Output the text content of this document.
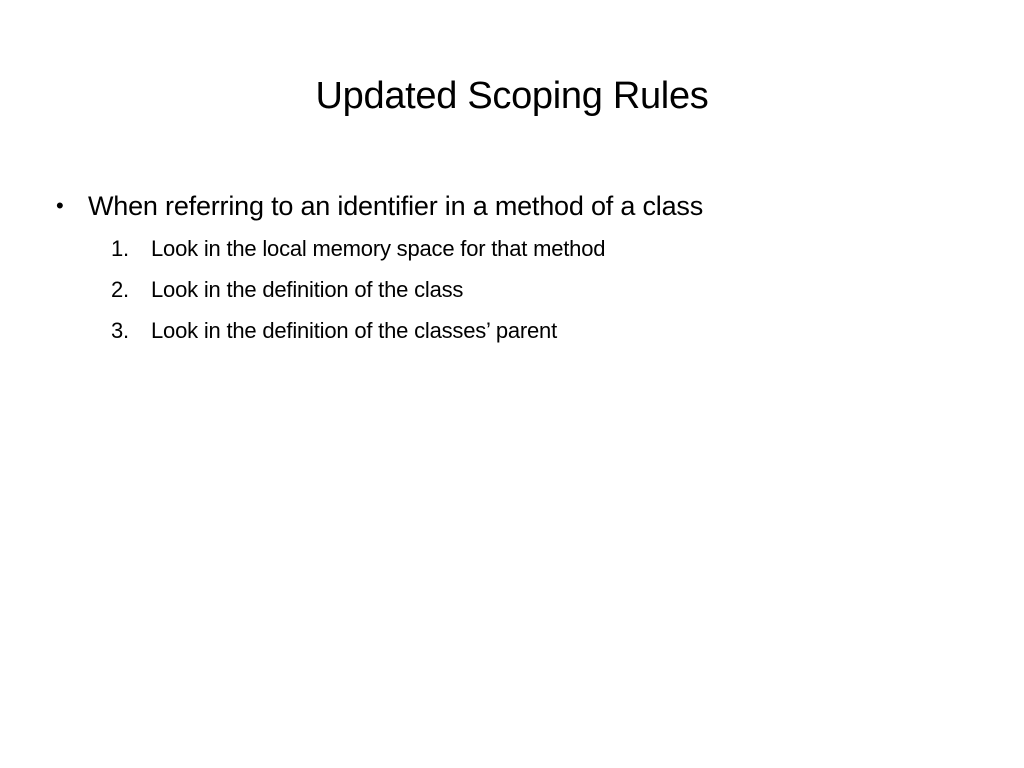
Updated Scoping Rules
• When referring to an identifier in a method of a class
1.	Look in the local memory space for that method
2.	Look in the definition of the class
3.	Look in the definition of the classes’ parent
